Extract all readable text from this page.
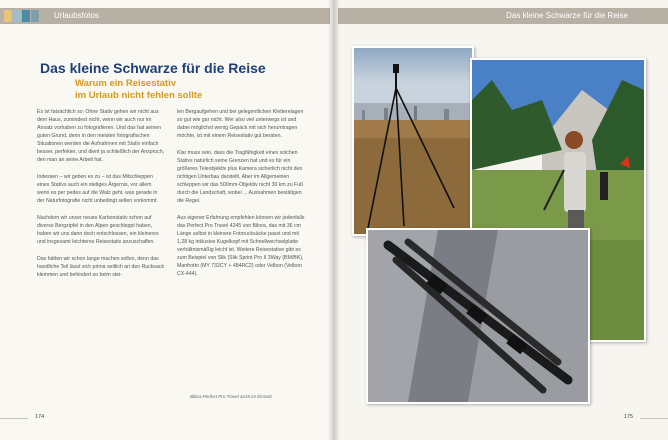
Urlaubsfotos	Das kleine Schwarze für die Reise
Das kleine Schwarze für die Reise
Warum ein Reisestativ
im Urlaub nicht fehlen sollte

Es ist fatsächlich so: Ohne Stativ gehen wir nicht aus dem Haus, zumindest nicht, wenn wir auch nur im Ansatz vorhaben zu fotografieren. Und das hat seinen guten Grund, denn in den meisten fotografischen Situationen werden die Aufnahmen mit Stativ einfach besser, perfekter, und dient ja schließlich der Anspruch, den man an seine Arbeit hat.

Indessen – wir geben es zu – ist das Mitschleppen eines Stativs auch ein stetiges Ärgernis, vor allem wenn es per pedes auf die Walz geht, was gerade in der Naturfotografie nicht unbedingt selten vorkommt.

Nachdem wir unser neues Karbonstativ schon auf diverse Bergzipfel in den Alpen geschleppt haben, haben wir uns dann doch entschlossen, ein kleineres und insgesamt leichteres Reisestativ anzuschaffen.

Das hätten wir schon lange machen sollen, denn das handliche Teil lässt sich prima seitlich an den Rucksack klemmen und behindert so beim stei-

len Bergaufgehen und bei gelegentlichen Kletterelagen so gut wie gar nicht. Wer also viel unterwegs ist und dabei möglichst wenig Gepäck mit sich herumtragen möchte, ist mit einem Reisestativ gut beraten.

Klar muss sein, dass die Tragfähigkeit eines solchen Stativs natürlich seine Grenzen hat und es für ein größeres Teleobjektiv plus Kamera sicherlich nicht den richtigen Unterbau darstellt. Aber im Allgemeinen schleppen wir das 500mm-Objektiv nicht 30 km zu Fuß durch die Landschaft, wobei ... Ausnahmen bestätigen die Regel.

Aus eigener Erfahrung empfehlen können wir jedenfalls das Perfect Pro Travel 4245 von Bilora, das mit 36 cm Länge selbst in kleinere Fotorucksäcke passt und mit 1,28 kg inklusive Kugelkopf mit Schnellwechselplatte verhältnismäßig leicht ist. Weitere Reisestative gibt es zum Beispiel von Slik (Slik Sprint Pro II 3Way (BM/BK), Manfrotto (MY 732CY + 484RC2) oder Velbon (Velbon CX-444).

Bilora Perfect Pro Travel 4245 im Einsatz
174	175
